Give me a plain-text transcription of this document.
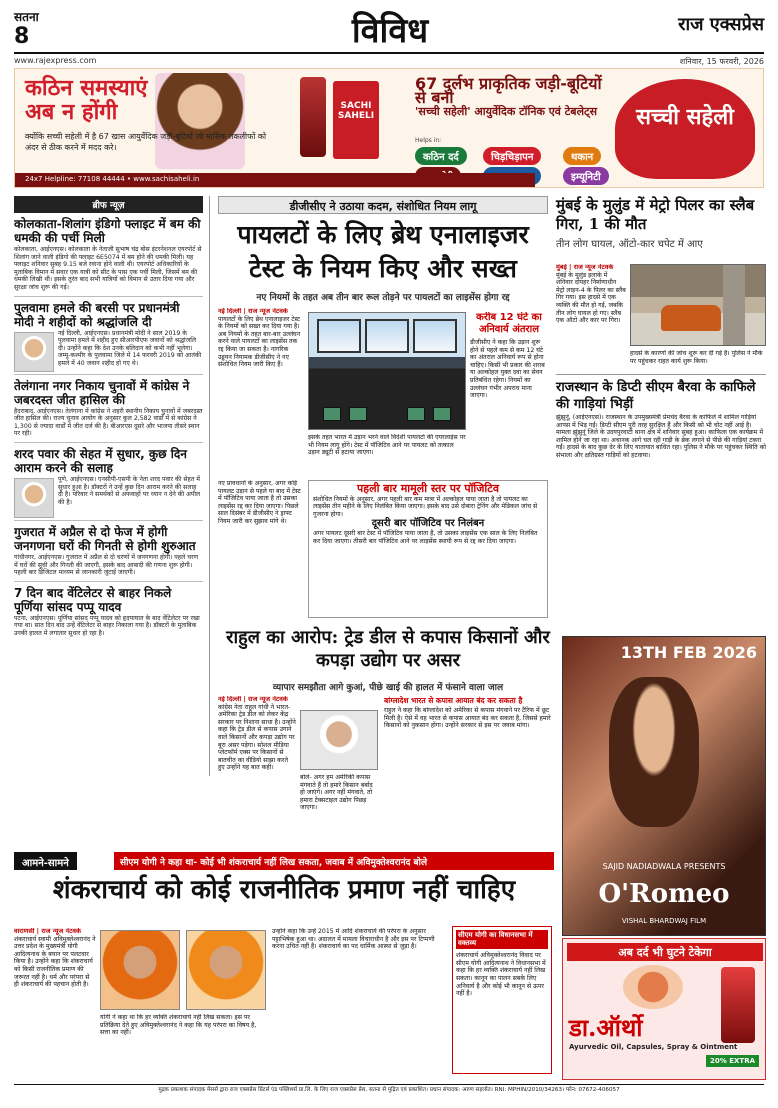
सतना
8	विविध	राज एक्सप्रेस
www.rajexpress.com	शनिवार, 15 फरवरी, 2026
कठिन समस्याएं अब न होंगी
क्योंकि सच्ची सहेली में है 67 खास आयुर्वेदिक जड़ी-बूटियों जो मासिक तकलीफों को अंदर से ठीक करने में मदद करे।
SACHI SAHELI
67 दुर्लभ प्राकृतिक जड़ी-बूटियों से बना
'सच्ची सहेली' आयुर्वेदिक टॉनिक एवं टेबलेट्स
Helps in:
कठिन दर्द	चिड़चिड़ापन	थकान
इम्यूनिटी
सच्ची सहेली
24x7 Helpline: 77108 44444 • www.sachisaheli.in
ब्रीफ न्यूज़
कोलकाता-शिलांग इंडिगो फ्लाइट में बम की धमकी की पर्ची मिली

कोलकाता, आईएनएस। कोलकाता के नेताजी सुभाष चंद्र बोस इंटरनेशनल एयरपोर्ट से शिलांग जाने वाली इंडिगो की फ्लाइट 6E5074 में बम होने की धमकी मिली। यह फ्लाइट शनिवार सुबह 9.15 बजे रवाना होने वाली थी। एयरपोर्ट अधिकारियों के मुताबिक विमान में सवार एक यात्री को सीट के पास एक पर्ची मिली, जिसमें बम की धमकी लिखी थी। इसके तुरंत बाद सभी यात्रियों को विमान से उतार दिया गया और सुरक्षा जांच शुरू की गई।

पुलवामा हमले की बरसी पर प्रधानमंत्री मोदी ने शहीदों को श्रद्धांजलि दी

नई दिल्ली, आईएनएस। प्रधानमंत्री मोदी ने साल 2019 के पुलवामा हमले में शहीद हुए सीआरपीएफ जवानों को श्रद्धांजलि दी। उन्होंने कहा कि देश उनके बलिदान को कभी नहीं भूलेगा। जम्मू-कश्मीर के पुलवामा जिले में 14 फरवरी 2019 को आतंकी हमले में 40 जवान शहीद हो गए थे।

तेलंगाना नगर निकाय चुनावों में कांग्रेस ने जबरदस्त जीत हासिल की

हैदराबाद, आईएनएस। तेलंगाना में कांग्रेस ने शहरी स्थानीय निकाय चुनावों में जबरदस्त जीत हासिल की। राज्य चुनाव आयोग के अनुसार कुल 2,582 वार्डों में से कांग्रेस ने 1,300 से ज्यादा वार्डों में जीत दर्ज की है। बीआरएस दूसरे और भाजपा तीसरे स्थान पर रही।

शरद पवार की सेहत में सुधार, कुछ दिन आराम करने की सलाह

पुणे, आईएनएस। एनसीपी-एसपी के नेता शरद पवार की सेहत में सुधार हुआ है। डॉक्टरों ने उन्हें कुछ दिन आराम करने की सलाह दी है। परिवार ने समर्थकों से अफवाहों पर ध्यान न देने की अपील की है।

गुजरात में अप्रैल से दो फेज में होगी जनगणना घरों की गिनती से होगी शुरुआत

गांधीनगर, आईएनएस। गुजरात में अप्रैल से दो चरणों में जनगणना होगी। पहले चरण में घरों की सूची और गिनती की जाएगी, इसके बाद आबादी की गणना शुरू होगी। पहली बार डिजिटल माध्यम से जानकारी जुटाई जाएगी।

7 दिन बाद वेंटिलेटर से बाहर निकले पूर्णिया सांसद पप्पू यादव

पटना, आईएनएस। पूर्णिया सांसद पप्पू यादव को हृदयाघात के बाद वेंटिलेटर पर रखा गया था। सात दिन बाद उन्हें वेंटिलेटर से बाहर निकाला गया है। डॉक्टरों के मुताबिक उनकी हालत में लगातार सुधार हो रहा है।

डीजीसीए ने उठाया कदम, संशोधित नियम लागू
पायलटों के लिए ब्रेथ एनालाइजर टेस्ट के नियम किए और सख्त
नए नियमों के तहत अब तीन बार रूल तोड़ने पर पायलटों का लाइसेंस होगा रद्द
नई दिल्ली | राज न्यूज नेटवर्क
पायलटों के लिए ब्रेथ एनालाइजर टेस्ट के नियमों को सख्त कर दिया गया है। अब नियमों के तहत बार-बार उल्लंघन करने वाले पायलटों का लाइसेंस तक रद्द किया जा सकता है। नागरिक उड्डयन नियामक डीजीसीए ने नए संशोधित नियम जारी किए हैं।
करीब 12 घंटे का अनिवार्य अंतराल
डीजीसीए ने कहा कि उड़ान शुरू होने से पहले कम से कम 12 घंटे का अंतराल अनिवार्य रूप से होना चाहिए। किसी भी प्रकार की शराब या अल्कोहल युक्त दवा का सेवन प्रतिबंधित रहेगा। नियमों का उल्लंघन गंभीर अपराध माना जाएगा।
इसके तहत भारत में उड़ान भरने वाले विदेशी पायलटों की एयरलाइंस पर भी नियम लागू होंगे। टेस्ट में पॉजिटिव आने पर पायलट को तत्काल उड़ान ड्यूटी से हटाया जाएगा।
नए प्रावधानों के अनुसार, अगर कोई पायलट उड़ान से पहले या बाद में टेस्ट में पॉजिटिव पाया जाता है तो उसका लाइसेंस रद्द कर दिया जाएगा। पिछले साल दिसंबर में डीजीसीए ने ड्राफ्ट नियम जारी कर सुझाव मांगे थे।
पहली बार मामूली स्तर पर पॉजिटिव
संशोधित नियमों के अनुसार, अगर पहली बार कम मात्रा में अल्कोहल पाया जाता है तो पायलट का लाइसेंस तीन महीने के लिए निलंबित किया जाएगा। इसके बाद उसे दोबारा ट्रेनिंग और मेडिकल जांच से गुजरना होगा।
दूसरी बार पॉजिटिव पर निलंबन
अगर पायलट दूसरी बार टेस्ट में पॉजिटिव पाया जाता है, तो उसका लाइसेंस एक साल के लिए निलंबित कर दिया जाएगा। तीसरी बार पॉजिटिव आने पर लाइसेंस स्थायी रूप से रद्द कर दिया जाएगा।
मुंबई के मुलुंड में मेट्रो पिलर का स्लैब गिरा, 1 की मौत
तीन लोग घायल, ऑटो-कार चपेट में आए
मुंबई | राज न्यूज नेटवर्क
मुंबई के मुलुंड इलाके में शनिवार दोपहर निर्माणाधीन मेट्रो लाइन-4 के पिलर का स्लैब गिर गया। इस हादसे में एक व्यक्ति की मौत हो गई, जबकि तीन लोग घायल हो गए। स्लैब एक ऑटो और कार पर गिरा।
हादसे के कारणों की जांच शुरू कर दी गई है। पुलिस ने मौके पर पहुंचकर राहत कार्य शुरू किया।
राजस्थान के डिप्टी सीएम बैरवा के काफिले की गाड़ियां भिड़ीं
झुंझुनूं, (आईएनएस)। राजस्थान के उपमुख्यमंत्री प्रेमचंद बैरवा के काफिले में शामिल गाड़ियां आपस में भिड़ गईं। डिप्टी सीएम पूरी तरह सुरक्षित हैं और किसी को भी चोट नहीं आई है। मामला झुंझुनूं जिले के उदयपुरवाटी थाना क्षेत्र में शनिवार सुबह हुआ। काफिला एक कार्यक्रम में शामिल होने जा रहा था। अचानक आगे चल रही गाड़ी के ब्रेक लगाने से पीछे की गाड़ियां टकरा गईं। हादसे के बाद कुछ देर के लिए यातायात बाधित रहा। पुलिस ने मौके पर पहुंचकर स्थिति को संभाला और क्षतिग्रस्त गाड़ियों को हटवाया।
राहुल का आरोप: ट्रेड डील से कपास किसानों और कपड़ा उद्योग पर असर
व्यापार समझौता आगे कुआं, पीछे खाई की हालत में फंसाने वाला जाल
नई दिल्ली | राज न्यूज नेटवर्क
कांग्रेस नेता राहुल गांधी ने भारत-अमेरिका ट्रेड डील को लेकर केंद्र सरकार पर निशाना साधा है। उन्होंने कहा कि ट्रेड डील से कपास उगाने वाले किसानों और कपड़ा उद्योग पर बुरा असर पड़ेगा। सोशल मीडिया प्लेटफॉर्म एक्स पर किसानों से बातचीत का वीडियो साझा करते हुए उन्होंने यह बात कही।
बोले- अगर हम अमेरिकी कपास मंगवाते हैं तो हमारे किसान बर्बाद हो जाएंगे। अगर नहीं मंगवाते, तो हमारा टेक्सटाइल उद्योग पिछड़ जाएगा।
बांग्लादेश भारत से कपास आयात बंद कर सकता है
राहुल ने कहा कि बांग्लादेश को अमेरिका से कपास मंगवाने पर टैरिफ में छूट मिली है। ऐसे में वह भारत से कपास आयात बंद कर सकता है, जिससे हमारे किसानों को नुकसान होगा। उन्होंने सरकार से इस पर जवाब मांगा।
13TH FEB 2026
SAJID NADIADWALA PRESENTS
O'Romeo
VISHAL BHARDWAJ FILM
आमने-सामने	सीएम योगी ने कहा था- कोई भी शंकराचार्य नहीं लिख सकता, जवाब में अविमुक्तेश्वरानंद बोले
शंकराचार्य को कोई राजनीतिक प्रमाण नहीं चाहिए
वाराणसी | राज न्यूज नेटवर्क
शंकराचार्य स्वामी अविमुक्तेश्वरानंद ने उत्तर प्रदेश के मुख्यमंत्री योगी आदित्यनाथ के बयान पर पलटवार किया है। उन्होंने कहा कि शंकराचार्य को किसी राजनीतिक प्रमाण की जरूरत नहीं है। धर्म और परंपरा से ही शंकराचार्य की पहचान होती है।
योगी ने कहा था कि हर व्यक्ति शंकराचार्य नहीं लिख सकता। इस पर प्रतिक्रिया देते हुए अविमुक्तेश्वरानंद ने कहा कि यह परंपरा का विषय है, सत्ता का नहीं।
उन्होंने कहा कि उन्हें 2015 में आदि शंकराचार्य की परंपरा के अनुसार पट्टाभिषेक हुआ था। अदालत में मामला विचाराधीन है और इस पर टिप्पणी करना उचित नहीं है। शंकराचार्य का पद धार्मिक आस्था से जुड़ा है।
सीएम योगी का विधानसभा में वक्तव्य
शंकराचार्य अविमुक्तेश्वरानंद विवाद पर सीएम योगी आदित्यनाथ ने विधानसभा में कहा कि हर व्यक्ति शंकराचार्य नहीं लिख सकता। कानून का पालन सबके लिए अनिवार्य है और कोई भी कानून से ऊपर नहीं है।
अब दर्द भी घुटने टेकेगा
डा.ऑर्थो
Ayurvedic Oil, Capsules, Spray & Ointment
20% EXTRA
मुद्रक प्रकाशक संपादक मेसर्स द्वारा राज एक्सप्रेस प्रिंटर्स एंड पब्लिशर्स प्रा.लि. के लिए राज एक्सप्रेस प्रेस, सतना से मुद्रित एवं प्रकाशित। प्रधान संपादक: अरुण सहलोत। RNI: MPHIN/2010/34263। फोन: 07672-406057
